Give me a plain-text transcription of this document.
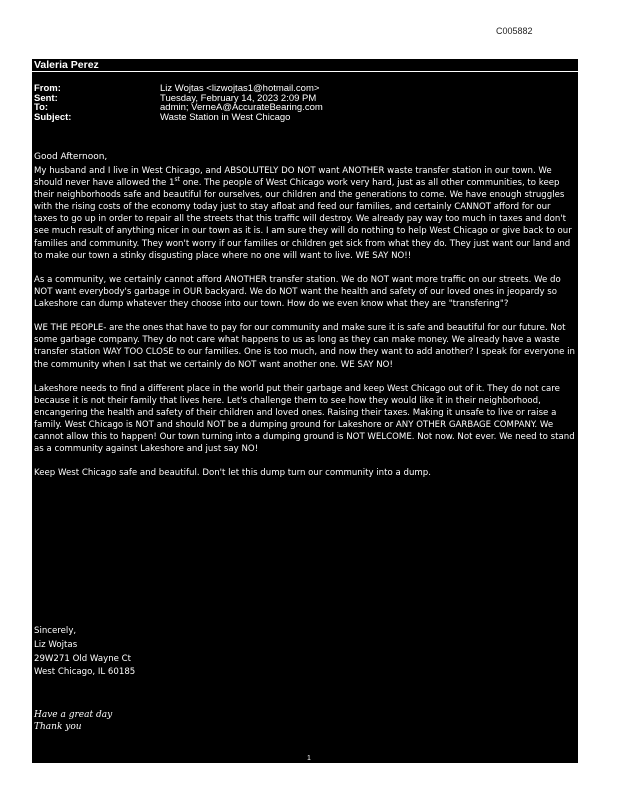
C005882
Valeria Perez
From:	Liz Wojtas <lizwojtas1@hotmail.com>
Sent:	Tuesday, February 14, 2023 2:09 PM
To:	admin; VerneA@AccurateBearing.com
Subject:	Waste Station in West Chicago
Good Afternoon,

My husband and I live in West Chicago, and ABSOLUTELY DO NOT want ANOTHER waste transfer station in our town. We should never have allowed the 1st one. The people of West Chicago work very hard, just as all other communities, to keep their neighborhoods safe and beautiful for ourselves, our children and the generations to come. We have enough struggles with the rising costs of the economy today just to stay afloat and feed our families, and certainly CANNOT afford for our taxes to go up in order to repair all the streets that this traffic will destroy. We already pay way too much in taxes and don't see much result of anything nicer in our town as it is. I am sure they will do nothing to help West Chicago or give back to our families and community. They won't worry if our families or children get sick from what they do. They just want our land and to make our town a stinky disgusting place where no one will want to live. WE SAY NO!!

As a community, we certainly cannot afford ANOTHER transfer station. We do NOT want more traffic on our streets. We do NOT want everybody's garbage in OUR backyard. We do NOT want the health and safety of our loved ones in jeopardy so Lakeshore can dump whatever they choose into our town. How do we even know what they are "transfering"?

WE THE PEOPLE- are the ones that have to pay for our community and make sure it is safe and beautiful for our future. Not some garbage company. They do not care what happens to us as long as they can make money. We already have a waste transfer station WAY TOO CLOSE to our families. One is too much, and now they want to add another? I speak for everyone in the community when I sat that we certainly do NOT want another one. WE SAY NO!

Lakeshore needs to find a different place in the world put their garbage and keep West Chicago out of it. They do not care because it is not their family that lives here. Let's challenge them to see how they would like it in their neighborhood, encangering the health and safety of their children and loved ones. Raising their taxes. Making it unsafe to live or raise a family. West Chicago is NOT and should NOT be a dumping ground for Lakeshore or ANY OTHER GARBAGE COMPANY. We cannot allow this to happen! Our town turning into a dumping ground is NOT WELCOME. Not now. Not ever. We need to stand as a community against Lakeshore and just say NO!

Keep West Chicago safe and beautiful. Don't let this dump turn our community into a dump.

Sincerely,
Liz Wojtas
29W271 Old Wayne Ct
West Chicago, IL 60185
Have a great day
Thank you
1
